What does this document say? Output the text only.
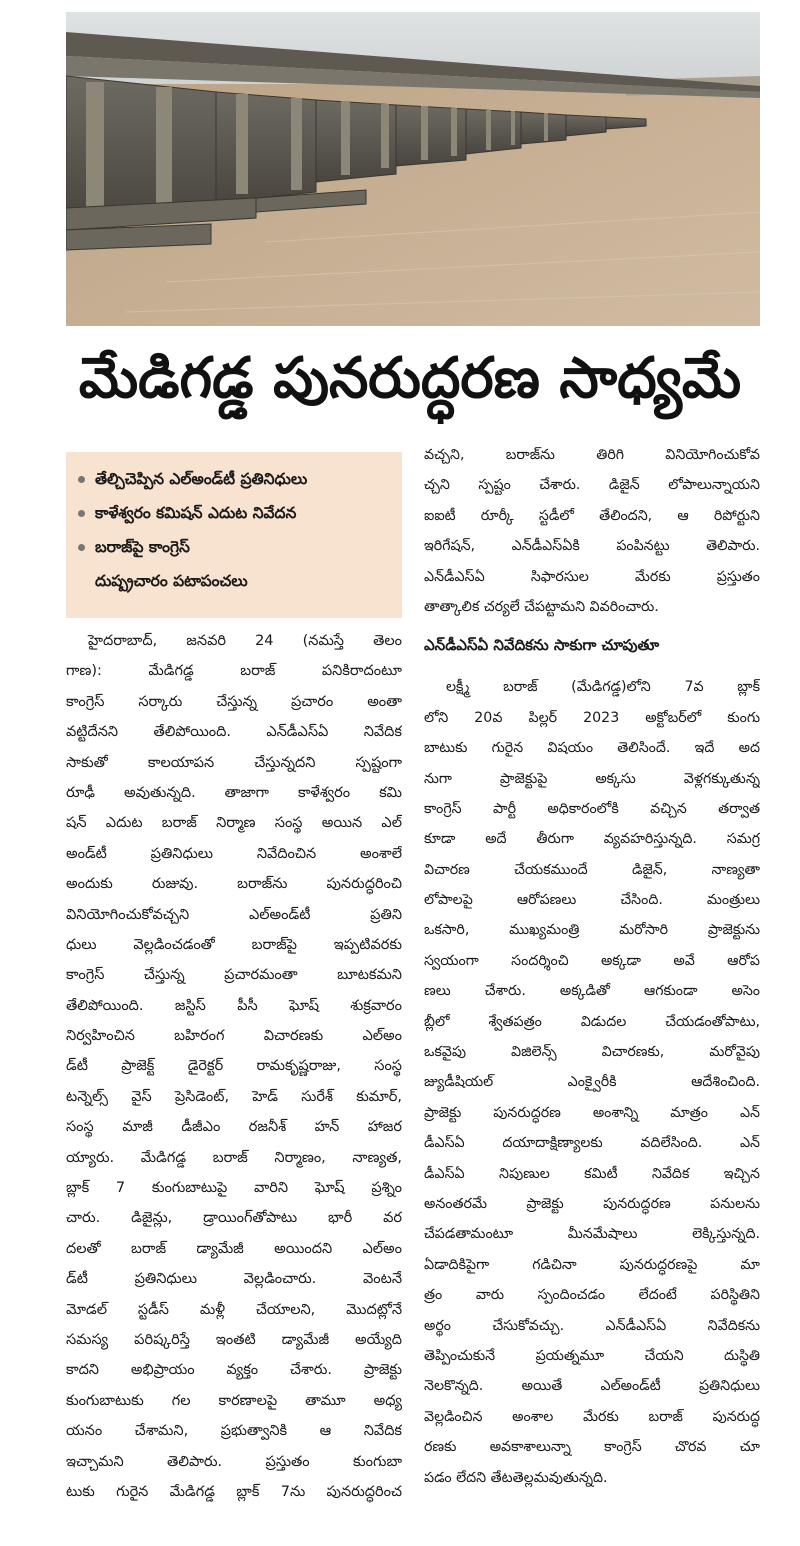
మేడిగడ్డ పునరుద్ధరణ సాధ్యమే
తేల్చిచెప్పిన ఎల్‌అండ్‌టీ ప్రతినిధులు
కాళేశ్వరం కమిషన్‌ ఎదుట నివేదన
బరాజ్‌పై కాంగ్రెస్‌
దుష్ప్రచారం పటాపంచలు
హైదరాబాద్‌, జనవరి 24 (నమస్తే తెలం
గాణ): మేడిగడ్డ బరాజ్‌ పనికిరాదంటూ
కాంగ్రెస్‌ సర్కారు చేస్తున్న ప్రచారం అంతా
వట్టిదేనని తేలిపోయింది. ఎన్‌డీఎస్‌ఏ నివేదిక
సాకుతో కాలయాపన చేస్తున్నదని స్పష్టంగా
రూఢీ అవుతున్నది. తాజాగా కాళేశ్వరం కమి
షన్‌ ఎదుట బరాజ్‌ నిర్మాణ సంస్థ అయిన ఎల్‌
అండ్‌టీ ప్రతినిధులు నివేదించిన అంశాలే
అందుకు రుజువు. బరాజ్‌ను పునరుద్ధరించి
వినియోగించుకోవచ్చని ఎల్‌అండ్‌టీ ప్రతిని
ధులు వెల్లడించడంతో బరాజ్‌పై ఇప్పటివరకు
కాంగ్రెస్‌ చేస్తున్న ప్రచారమంతా బూటకమని
తేలిపోయింది. జస్టిస్‌ పీసీ ఘోష్‌ శుక్రవారం
నిర్వహించిన బహిరంగ విచారణకు ఎల్‌అం
డ్‌టీ ప్రాజెక్ట్‌ డైరెక్టర్‌ రామకృష్ణరాజు, సంస్థ
టన్నెల్స్‌ వైస్‌ ప్రెసిడెంట్‌, హెడ్‌ సురేశ్‌ కుమార్‌,
సంస్థ మాజీ డీజీఎం రజనీశ్‌ హన్‌ హాజర
య్యారు. మేడిగడ్డ బరాజ్‌ నిర్మాణం, నాణ్యత,
బ్లాక్‌ 7 కుంగుబాటుపై వారిని ఘోష్‌ ప్రశ్నిం
చారు. డిజైన్లు, డ్రాయింగ్‌తోపాటు భారీ వర
దలతో బరాజ్‌ డ్యామేజీ అయిందని ఎల్‌అం
డ్‌టీ ప్రతినిధులు వెల్లడించారు. వెంటనే
మోడల్‌ స్టడీస్‌ మళ్లీ చేయాలని, మొదట్లోనే
సమస్య పరిష్కరిస్తే ఇంతటి డ్యామేజీ అయ్యేది
కాదని అభిప్రాయం వ్యక్తం చేశారు. ప్రాజెక్టు
కుంగుబాటుకు గల కారణాలపై తామూ అధ్య
యనం చేశామని, ప్రభుత్వానికి ఆ నివేదిక
ఇచ్చామని తెలిపారు. ప్రస్తుతం కుంగుబా
టుకు గురైన మేడిగడ్డ బ్లాక్‌ 7ను పునరుద్ధరించ
వచ్చని, బరాజ్‌ను తిరిగి వినియోగించుకోవ
చ్చని స్పష్టం చేశారు. డిజైన్‌ లోపాలున్నాయని
ఐఐటీ రూర్కీ స్టడీలో తేలిందని, ఆ రిపోర్టుని
ఇరిగేషన్‌, ఎన్‌డీఎస్‌ఏకి పంపినట్టు తెలిపారు.
ఎన్‌డీఎస్‌ఏ సిఫారసుల మేరకు ప్రస్తుతం
తాత్కాలిక చర్యలే చేపట్టామని వివరించారు.
ఎన్‌డీఎస్‌ఏ నివేదికను సాకుగా చూపుతూ
లక్ష్మీ బరాజ్‌ (మేడిగడ్డ)లోని 7వ బ్లాక్‌
లోని 20వ పిల్లర్‌ 2023 అక్టోబర్‌లో కుంగు
బాటుకు గురైన విషయం తెలిసిందే. ఇదే అద
నుగా ప్రాజెక్టుపై అక్కసు వెళ్లగక్కుతున్న
కాంగ్రెస్‌ పార్టీ అధికారంలోకి వచ్చిన తర్వాత
కూడా అదే తీరుగా వ్యవహరిస్తున్నది. సమగ్ర
విచారణ చేయకముందే డిజైన్‌, నాణ్యతా
లోపాలపై ఆరోపణలు చేసింది. మంత్రులు
ఒకసారి, ముఖ్యమంత్రి మరోసారి ప్రాజెక్టును
స్వయంగా సందర్శించి అక్కడా అవే ఆరోప
ణలు చేశారు. అక్కడితో ఆగకుండా అసెం
బ్లీలో శ్వేతపత్రం విడుదల చేయడంతోపాటు,
ఒకవైపు విజిలెన్స్‌ విచారణకు, మరోవైపు
జ్యుడీషియల్‌ ఎంక్వైరీకి ఆదేశించింది.
ప్రాజెక్టు పునరుద్ధరణ అంశాన్ని మాత్రం ఎన్‌
డీఎస్‌ఏ దయాదాక్షిణ్యాలకు వదిలేసింది. ఎన్‌
డీఎస్‌ఏ నిపుణుల కమిటీ నివేదిక ఇచ్చిన
అనంతరమే ప్రాజెక్టు పునరుద్ధరణ పనులను
చేపడతామంటూ మీనమేషాలు లెక్కిస్తున్నది.
ఏడాదికిపైగా గడిచినా పునరుద్ధరణపై మా
త్రం వారు స్పందించడం లేదంటే పరిస్థితిని
అర్థం చేసుకోవచ్చు. ఎన్‌డీఎస్‌ఏ నివేదికను
తెప్పించుకునే ప్రయత్నమూ చేయని దుస్థితి
నెలకొన్నది. అయితే ఎల్‌అండ్‌టీ ప్రతినిధులు
వెల్లడించిన అంశాల మేరకు బరాజ్‌ పునరుద్ధ
రణకు అవకాశాలున్నా కాంగ్రెస్‌ చొరవ చూ
పడం లేదని తేటతెల్లమవుతున్నది.
